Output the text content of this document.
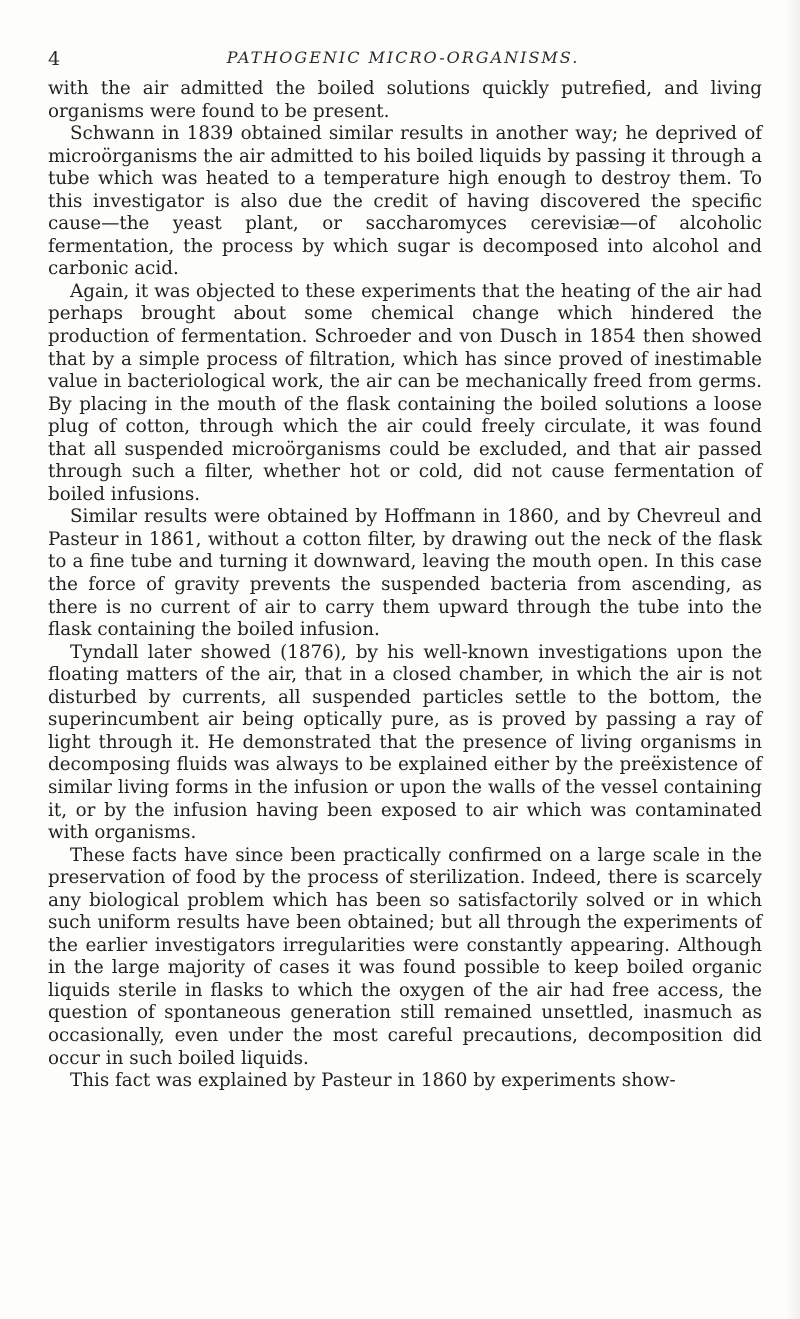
4	PATHOGENIC MICRO-ORGANISMS.

with the air admitted the boiled solutions quickly putrefied, and living organisms were found to be present.

Schwann in 1839 obtained similar results in another way; he deprived of microörganisms the air admitted to his boiled liquids by passing it through a tube which was heated to a temperature high enough to destroy them. To this investigator is also due the credit of having discovered the specific cause—the yeast plant, or saccharomyces cerevisiæ—of alcoholic fermentation, the process by which sugar is decomposed into alcohol and carbonic acid.

Again, it was objected to these experiments that the heating of the air had perhaps brought about some chemical change which hindered the production of fermentation. Schroeder and von Dusch in 1854 then showed that by a simple process of filtration, which has since proved of inestimable value in bacteriological work, the air can be mechanically freed from germs. By placing in the mouth of the flask containing the boiled solutions a loose plug of cotton, through which the air could freely circulate, it was found that all suspended microörganisms could be excluded, and that air passed through such a filter, whether hot or cold, did not cause fermentation of boiled infusions.

Similar results were obtained by Hoffmann in 1860, and by Chevreul and Pasteur in 1861, without a cotton filter, by drawing out the neck of the flask to a fine tube and turning it downward, leaving the mouth open. In this case the force of gravity prevents the suspended bacteria from ascending, as there is no current of air to carry them upward through the tube into the flask containing the boiled infusion.

Tyndall later showed (1876), by his well-known investigations upon the floating matters of the air, that in a closed chamber, in which the air is not disturbed by currents, all suspended particles settle to the bottom, the superincumbent air being optically pure, as is proved by passing a ray of light through it. He demonstrated that the presence of living organisms in decomposing fluids was always to be explained either by the preëxistence of similar living forms in the infusion or upon the walls of the vessel containing it, or by the infusion having been exposed to air which was contaminated with organisms.

These facts have since been practically confirmed on a large scale in the preservation of food by the process of sterilization. Indeed, there is scarcely any biological problem which has been so satisfactorily solved or in which such uniform results have been obtained; but all through the experiments of the earlier investigators irregularities were constantly appearing. Although in the large majority of cases it was found possible to keep boiled organic liquids sterile in flasks to which the oxygen of the air had free access, the question of spontaneous generation still remained unsettled, inasmuch as occasionally, even under the most careful precautions, decomposition did occur in such boiled liquids.

This fact was explained by Pasteur in 1860 by experiments show-
